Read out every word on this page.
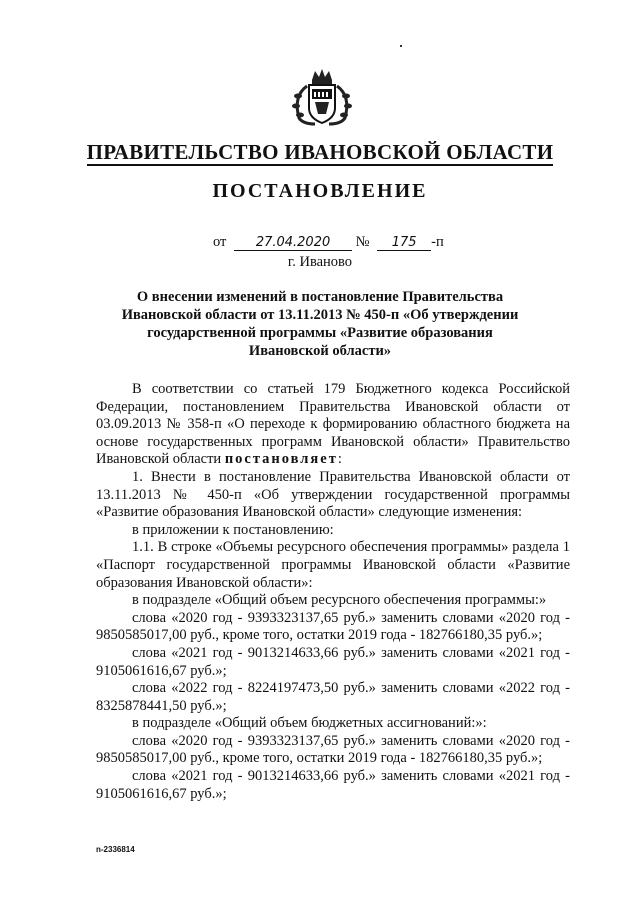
ПРАВИТЕЛЬСТВО ИВАНОВСКОЙ ОБЛАСТИ
ПОСТАНОВЛЕНИЕ
от 27.04.2020 № 175 -п
г. Иваново
О внесении изменений в постановление Правительства
Ивановской области от 13.11.2013 № 450-п «Об утверждении
государственной программы «Развитие образования
Ивановской области»
В соответствии со статьей 179 Бюджетного кодекса Российской Федерации, постановлением Правительства Ивановской области от 03.09.2013 № 358-п «О переходе к формированию областного бюджета на основе государственных программ Ивановской области» Правительство Ивановской области постановляет:
1. Внести в постановление Правительства Ивановской области от 13.11.2013 № 450-п «Об утверждении государственной программы «Развитие образования Ивановской области» следующие изменения:
в приложении к постановлению:
1.1. В строке «Объемы ресурсного обеспечения программы» раздела 1 «Паспорт государственной программы Ивановской области «Развитие образования Ивановской области»:
в подразделе «Общий объем ресурсного обеспечения программы:»
слова «2020 год - 9393323137,65 руб.» заменить словами «2020 год - 9850585017,00 руб., кроме того, остатки 2019 года - 182766180,35 руб.»;
слова «2021 год - 9013214633,66 руб.» заменить словами «2021 год - 9105061616,67 руб.»;
слова «2022 год - 8224197473,50 руб.» заменить словами «2022 год - 8325878441,50 руб.»;
в подразделе «Общий объем бюджетных ассигнований:»:
слова «2020 год - 9393323137,65 руб.» заменить словами «2020 год - 9850585017,00 руб., кроме того, остатки 2019 года - 182766180,35 руб.»;
слова «2021 год - 9013214633,66 руб.» заменить словами «2021 год - 9105061616,67 руб.»;
n-2336814
